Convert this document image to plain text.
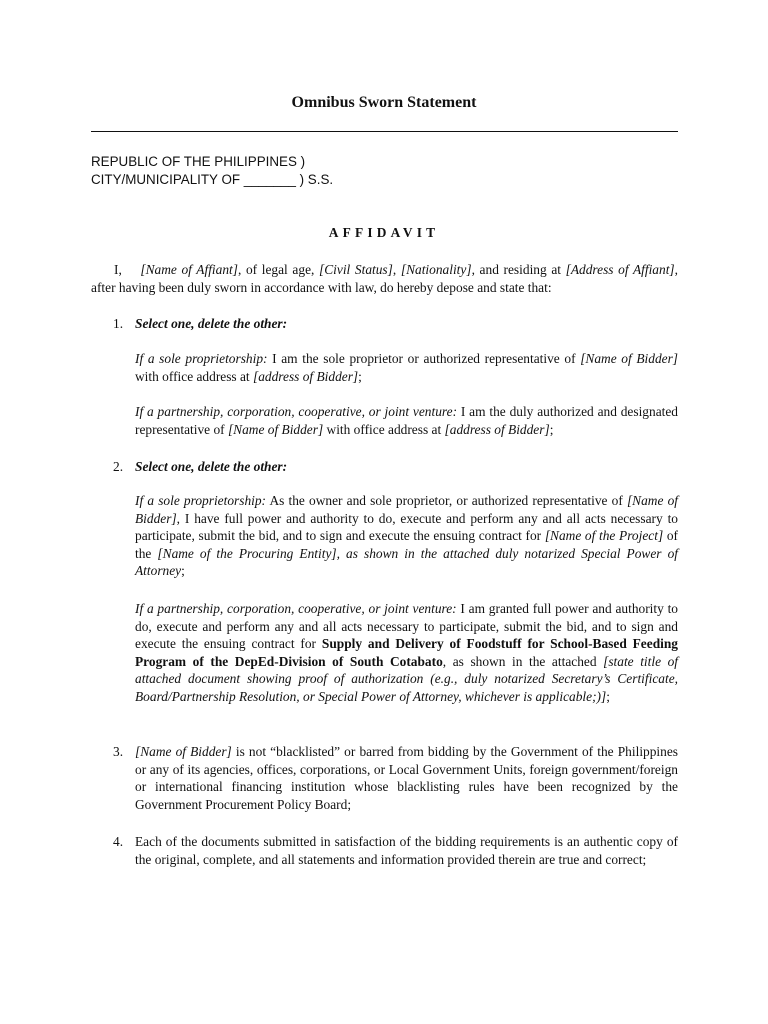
Omnibus Sworn Statement
REPUBLIC OF THE PHILIPPINES )
CITY/MUNICIPALITY OF _______ ) S.S.
AFFIDAVIT
I, [Name of Affiant], of legal age, [Civil Status], [Nationality], and residing at [Address of Affiant], after having been duly sworn in accordance with law, do hereby depose and state that:
1. Select one, delete the other:
If a sole proprietorship: I am the sole proprietor or authorized representative of [Name of Bidder] with office address at [address of Bidder];
If a partnership, corporation, cooperative, or joint venture: I am the duly authorized and designated representative of [Name of Bidder] with office address at [address of Bidder];
2. Select one, delete the other:
If a sole proprietorship: As the owner and sole proprietor, or authorized representative of [Name of Bidder], I have full power and authority to do, execute and perform any and all acts necessary to participate, submit the bid, and to sign and execute the ensuing contract for [Name of the Project] of the [Name of the Procuring Entity], as shown in the attached duly notarized Special Power of Attorney;
If a partnership, corporation, cooperative, or joint venture: I am granted full power and authority to do, execute and perform any and all acts necessary to participate, submit the bid, and to sign and execute the ensuing contract for Supply and Delivery of Foodstuff for School-Based Feeding Program of the DepEd-Division of South Cotabato, as shown in the attached [state title of attached document showing proof of authorization (e.g., duly notarized Secretary’s Certificate, Board/Partnership Resolution, or Special Power of Attorney, whichever is applicable;)];
3. [Name of Bidder] is not “blacklisted” or barred from bidding by the Government of the Philippines or any of its agencies, offices, corporations, or Local Government Units, foreign government/foreign or international financing institution whose blacklisting rules have been recognized by the Government Procurement Policy Board;
4. Each of the documents submitted in satisfaction of the bidding requirements is an authentic copy of the original, complete, and all statements and information provided therein are true and correct;
